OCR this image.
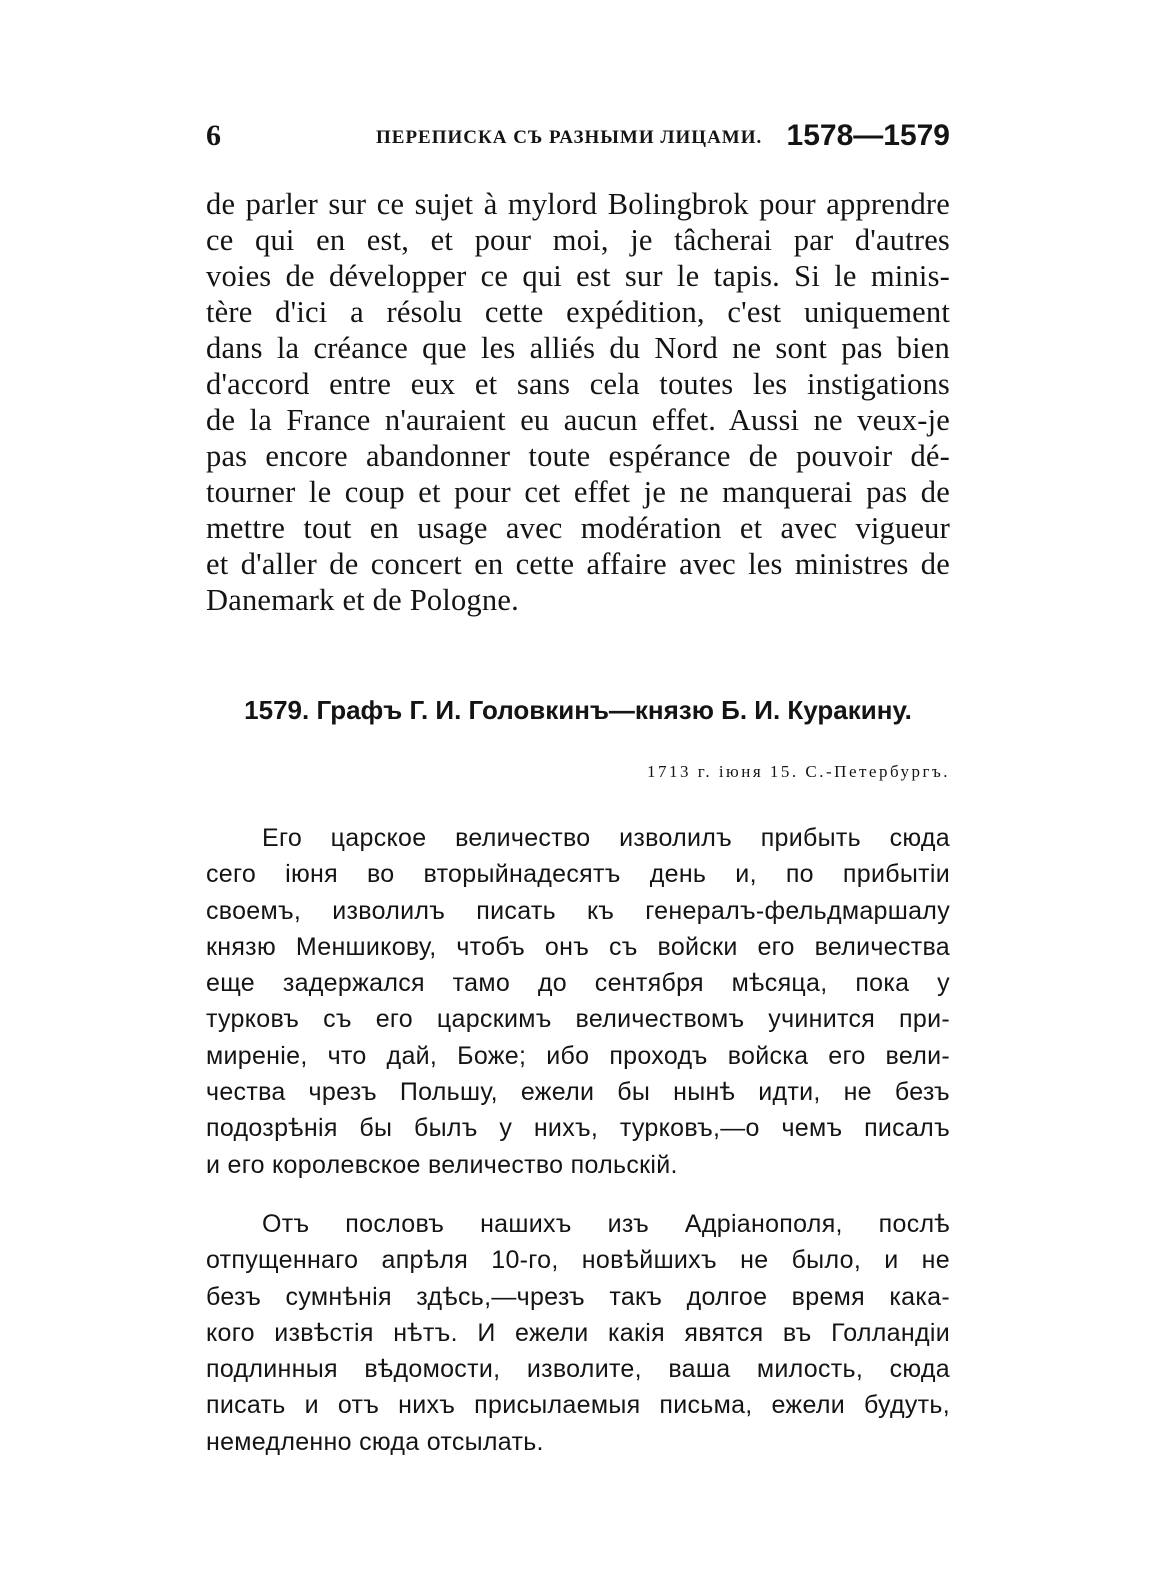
6	ПЕРЕПИСКА СЪ РАЗНЫМИ ЛИЦАМИ. 1578—1579
de parler sur ce sujet à mylord Bolingbrok pour apprendre
ce qui en est, et pour moi, je tâcherai par d'autres
voies de développer ce qui est sur le tapis. Si le minis-
tère d'ici a résolu cette expédition, c'est uniquement
dans la créance que les alliés du Nord ne sont pas bien
d'accord entre eux et sans cela toutes les instigations
de la France n'auraient eu aucun effet. Aussi ne veux-je
pas encore abandonner toute espérance de pouvoir dé-
tourner le coup et pour cet effet je ne manquerai pas de
mettre tout en usage avec modération et avec vigueur
et d'aller de concert en cette affaire avec les ministres de
Danemark et de Pologne.
1579. Графъ Г. И. Головкинъ—князю Б. И. Куракину.
1713 г. іюня 15. С.-Петербургъ.
Его царское величество изволилъ прибыть сюда
сего іюня во вторыйнадесятъ день и, по прибытіи
своемъ, изволилъ писать къ генералъ-фельдмаршалу
князю Меншикову, чтобъ онъ съ войски его величества
еще задержался тамо до сентября мѣсяца, пока у
турковъ съ его царскимъ величествомъ учинится при-
миреніе, что дай, Боже; ибо проходъ войска его вели-
чества чрезъ Польшу, ежели бы нынѣ идти, не безъ
подозрѣнія бы былъ у нихъ, турковъ,—о чемъ писалъ
и его королевское величество польскій.
Отъ пословъ нашихъ изъ Адріанополя, послѣ
отпущеннаго апрѣля 10-го, новѣйшихъ не было, и не
безъ сумнѣнія здѣсь,—чрезъ такъ долгое время кака-
кого извѣстія нѣтъ. И ежели какія явятся въ Голландіи
подлинныя вѣдомости, изволите, ваша милость, сюда
писать и отъ нихъ присылаемыя письма, ежели будуть,
немедленно сюда отсылать.
